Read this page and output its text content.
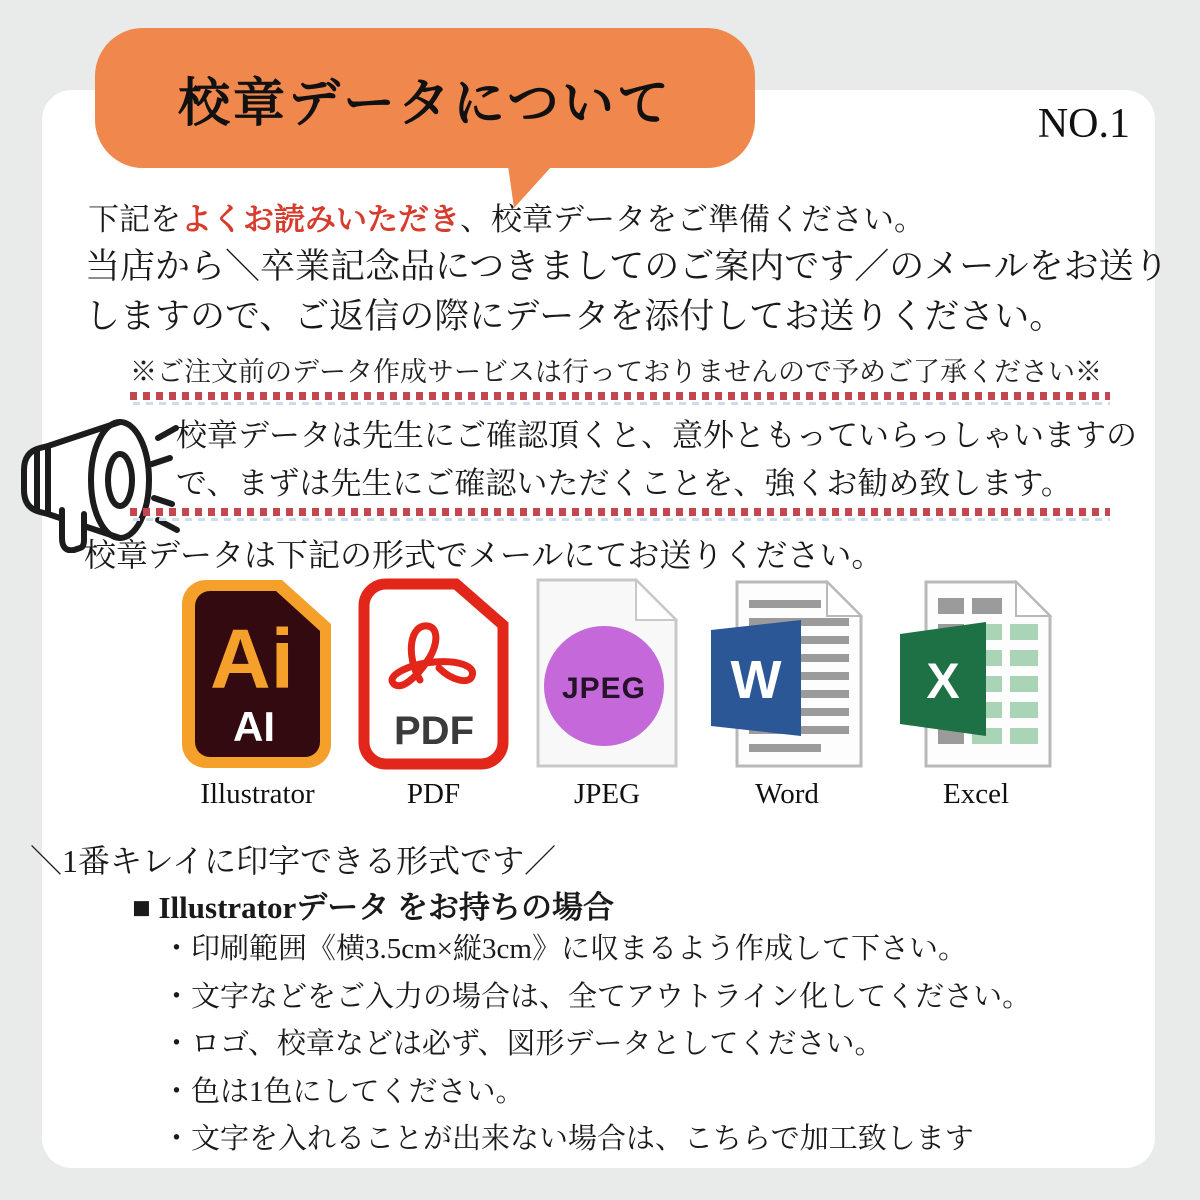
校章データについて	NO.1
下記をよくお読みいただき、校章データをご準備ください。
当店から＼卒業記念品につきましてのご案内です／のメールをお送り
しますので、ご返信の際にデータを添付してお送りください。
※ご注文前のデータ作成サービスは行っておりませんので予めご了承ください※
校章データは先生にご確認頂くと、意外ともっていらっしゃいますの
で、まずは先生にご確認いただくことを、強くお勧め致します。
校章データは下記の形式でメールにてお送りください。
Ai
AI
Illustrator
PDF
PDF
JPEG
JPEG
W
Word
X
Excel
＼1番キレイに印字できる形式です／
■ Illustratorデータ をお持ちの場合
・印刷範囲《横3.5cm×縦3cm》に収まるよう作成して下さい。
・文字などをご入力の場合は、全てアウトライン化してください。
・ロゴ、校章などは必ず、図形データとしてください。
・色は1色にしてください。
・文字を入れることが出来ない場合は、こちらで加工致します
